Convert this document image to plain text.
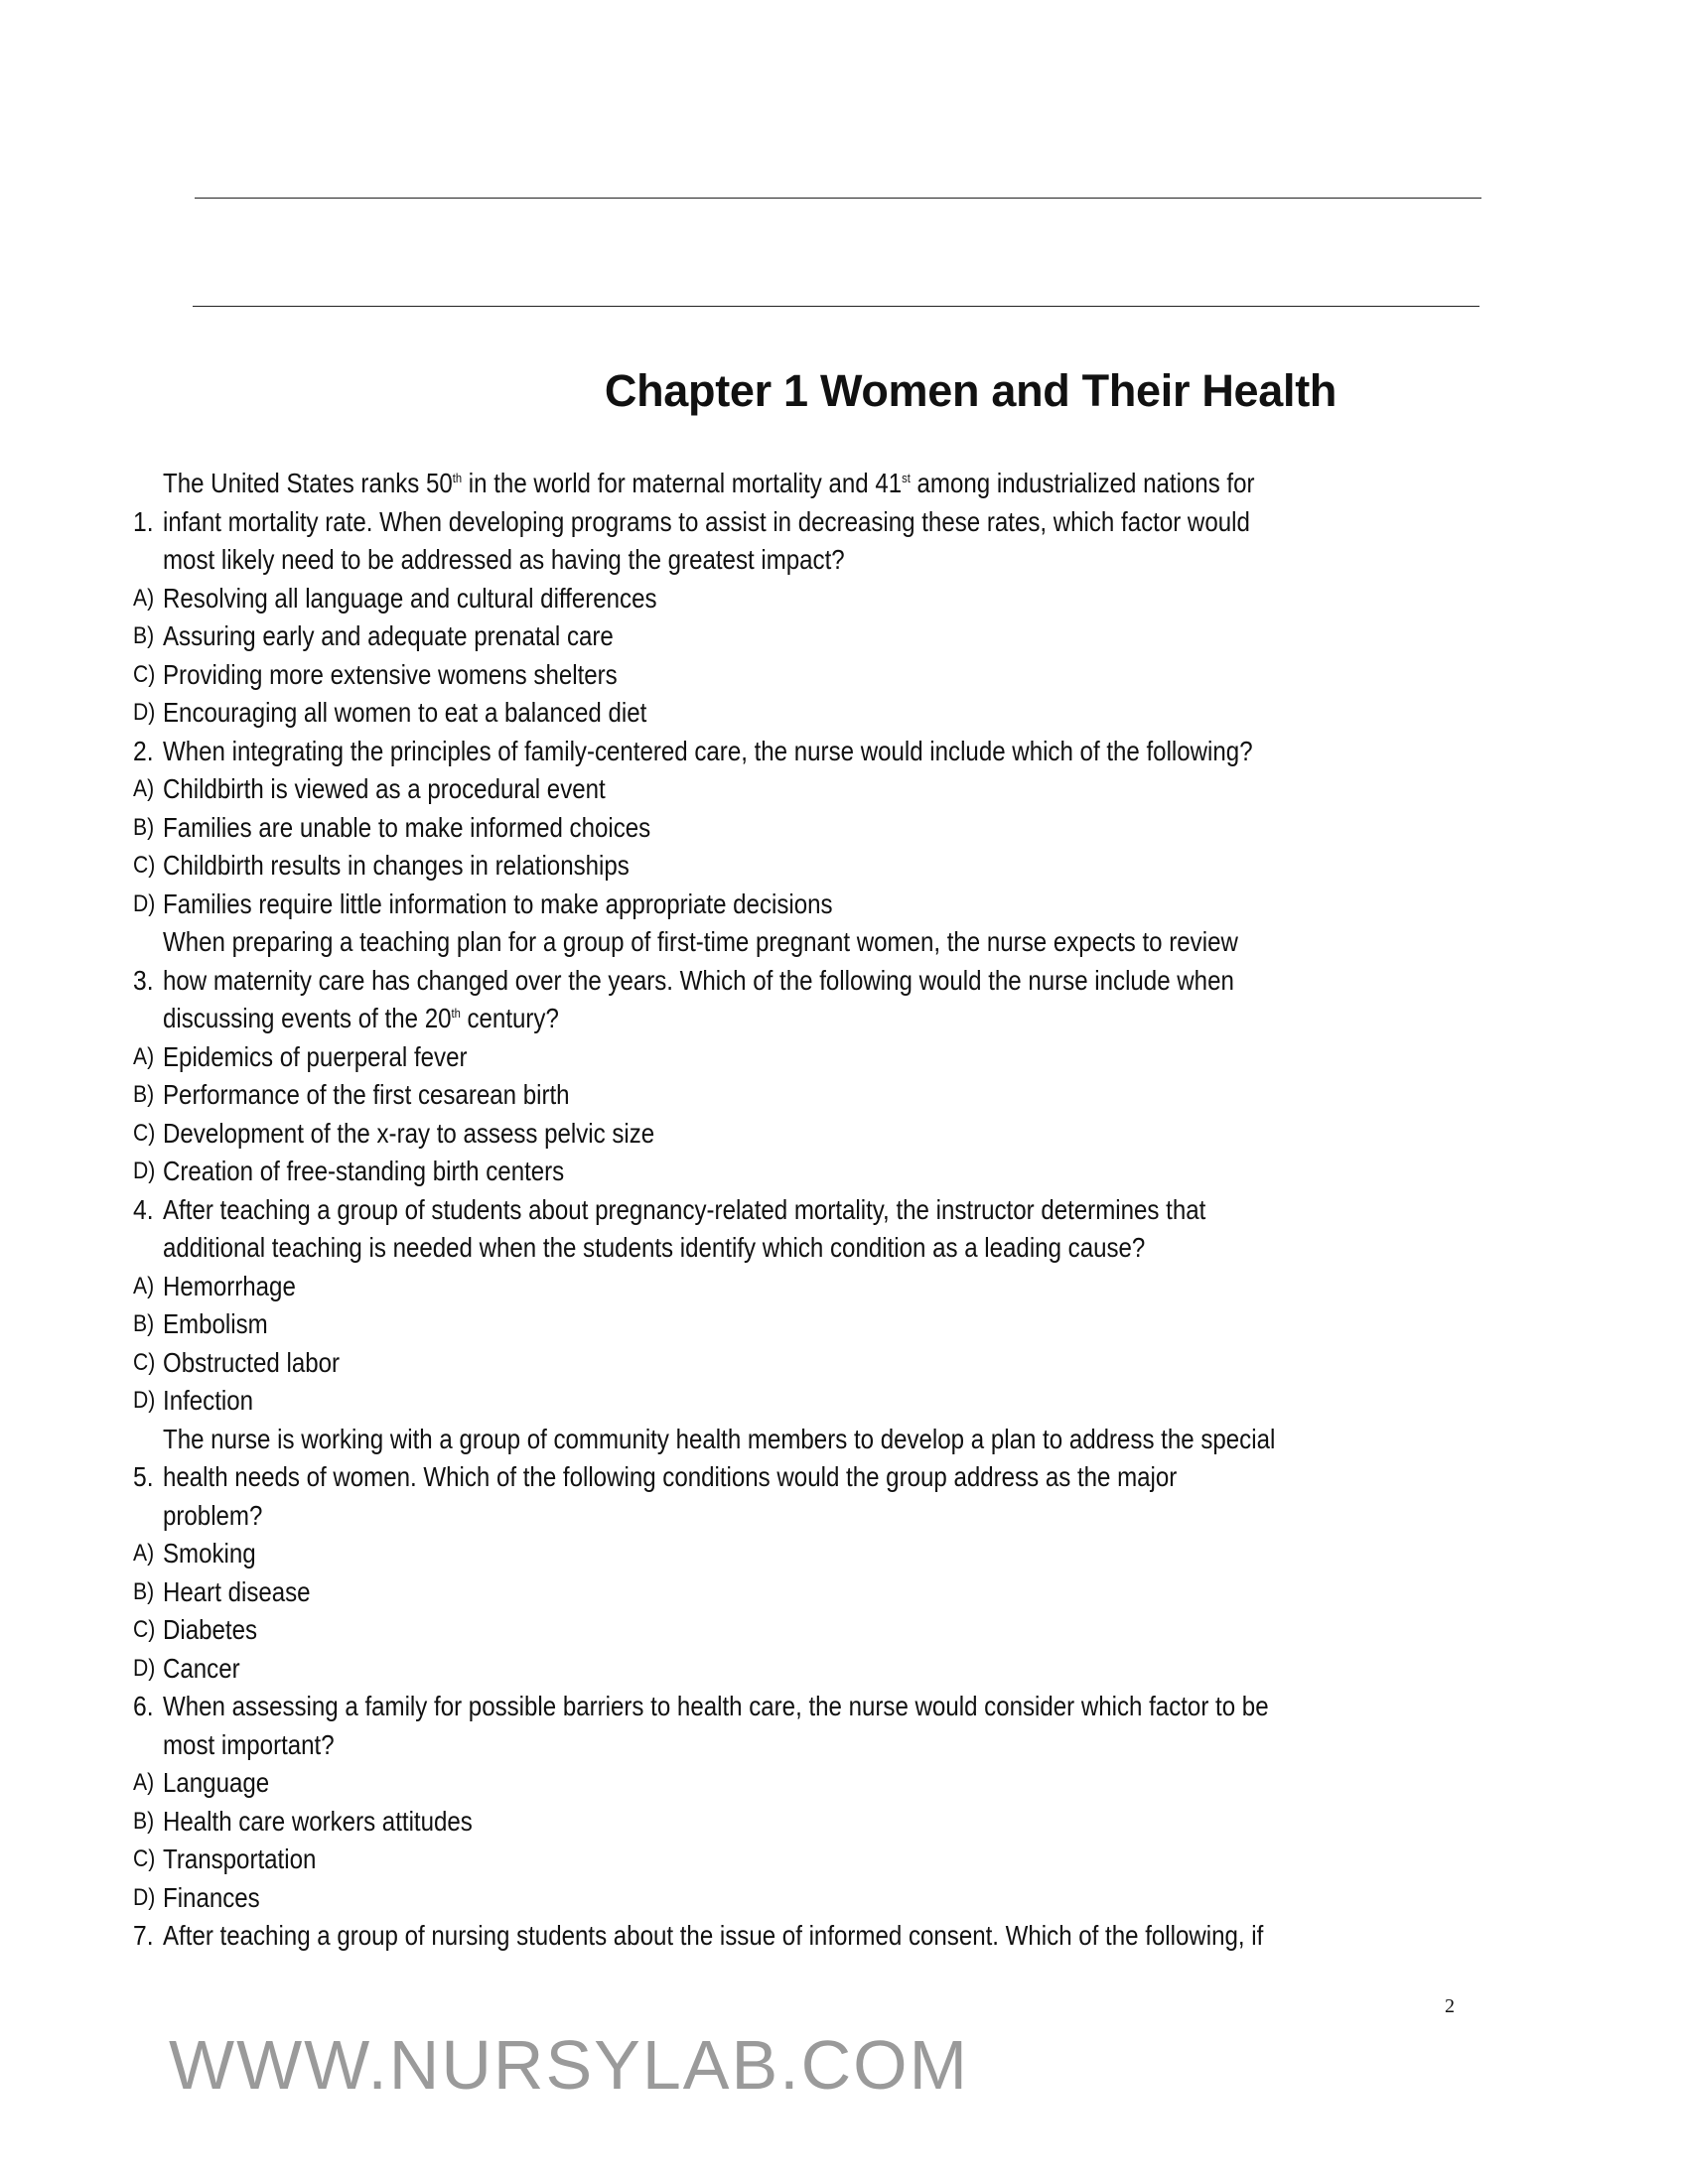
Chapter 1 Women and Their Health
The United States ranks 50th in the world for maternal mortality and 41st among industrialized nations for
1. infant mortality rate. When developing programs to assist in decreasing these rates, which factor would
most likely need to be addressed as having the greatest impact?
A) Resolving all language and cultural differences
B) Assuring early and adequate prenatal care
C) Providing more extensive womens shelters
D) Encouraging all women to eat a balanced diet
2. When integrating the principles of family-centered care, the nurse would include which of the following?
A) Childbirth is viewed as a procedural event
B) Families are unable to make informed choices
C) Childbirth results in changes in relationships
D) Families require little information to make appropriate decisions
When preparing a teaching plan for a group of first-time pregnant women, the nurse expects to review
3. how maternity care has changed over the years. Which of the following would the nurse include when
discussing events of the 20th century?
A) Epidemics of puerperal fever
B) Performance of the first cesarean birth
C) Development of the x-ray to assess pelvic size
D) Creation of free-standing birth centers
4. After teaching a group of students about pregnancy-related mortality, the instructor determines that
additional teaching is needed when the students identify which condition as a leading cause?
A) Hemorrhage
B) Embolism
C) Obstructed labor
D) Infection
The nurse is working with a group of community health members to develop a plan to address the special
5. health needs of women. Which of the following conditions would the group address as the major
problem?
A) Smoking
B) Heart disease
C) Diabetes
D) Cancer
6. When assessing a family for possible barriers to health care, the nurse would consider which factor to be
most important?
A) Language
B) Health care workers attitudes
C) Transportation
D) Finances
7. After teaching a group of nursing students about the issue of informed consent. Which of the following, if
WWW.NURSYLAB.COM
2
